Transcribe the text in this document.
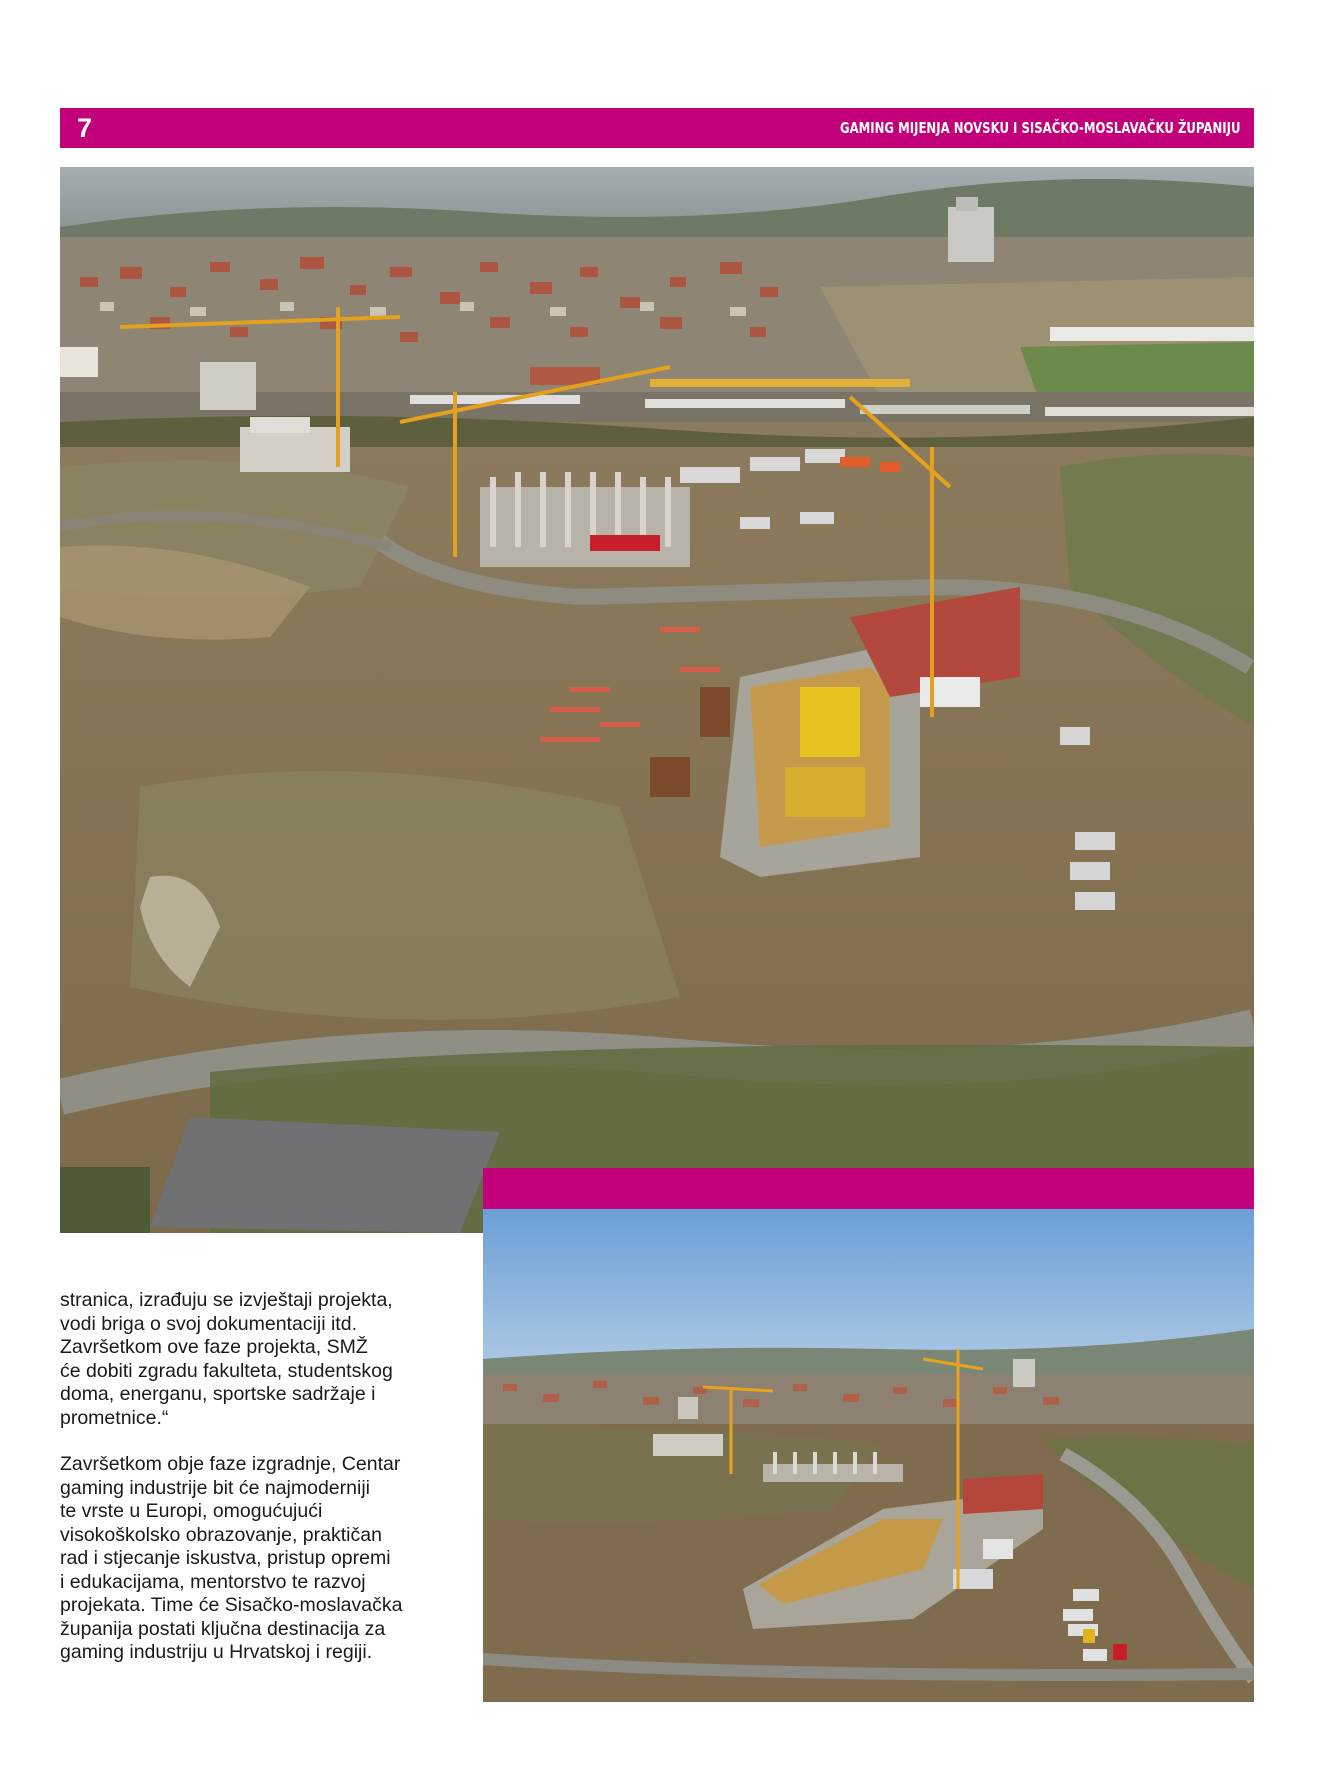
7	GAMING MIJENJA NOVSKU I SISAČKO-MOSLAVAČKU ŽUPANIJU

stranica, izrađuju se izvještaji projekta,
vodi briga o svoj dokumentaciji itd.
Završetkom ove faze projekta, SMŽ
će dobiti zgradu fakulteta, studentskog
doma, energanu, sportske sadržaje i
prometnice.“

Završetkom obje faze izgradnje, Centar
gaming industrije bit će najmoderniji
te vrste u Europi, omogućujući
visokoškolsko obrazovanje, praktičan
rad i stjecanje iskustva, pristup opremi
i edukacijama, mentorstvo te razvoj
projekata. Time će Sisačko-moslavačka
županija postati ključna destinacija za
gaming industriju u Hrvatskoj i regiji.
